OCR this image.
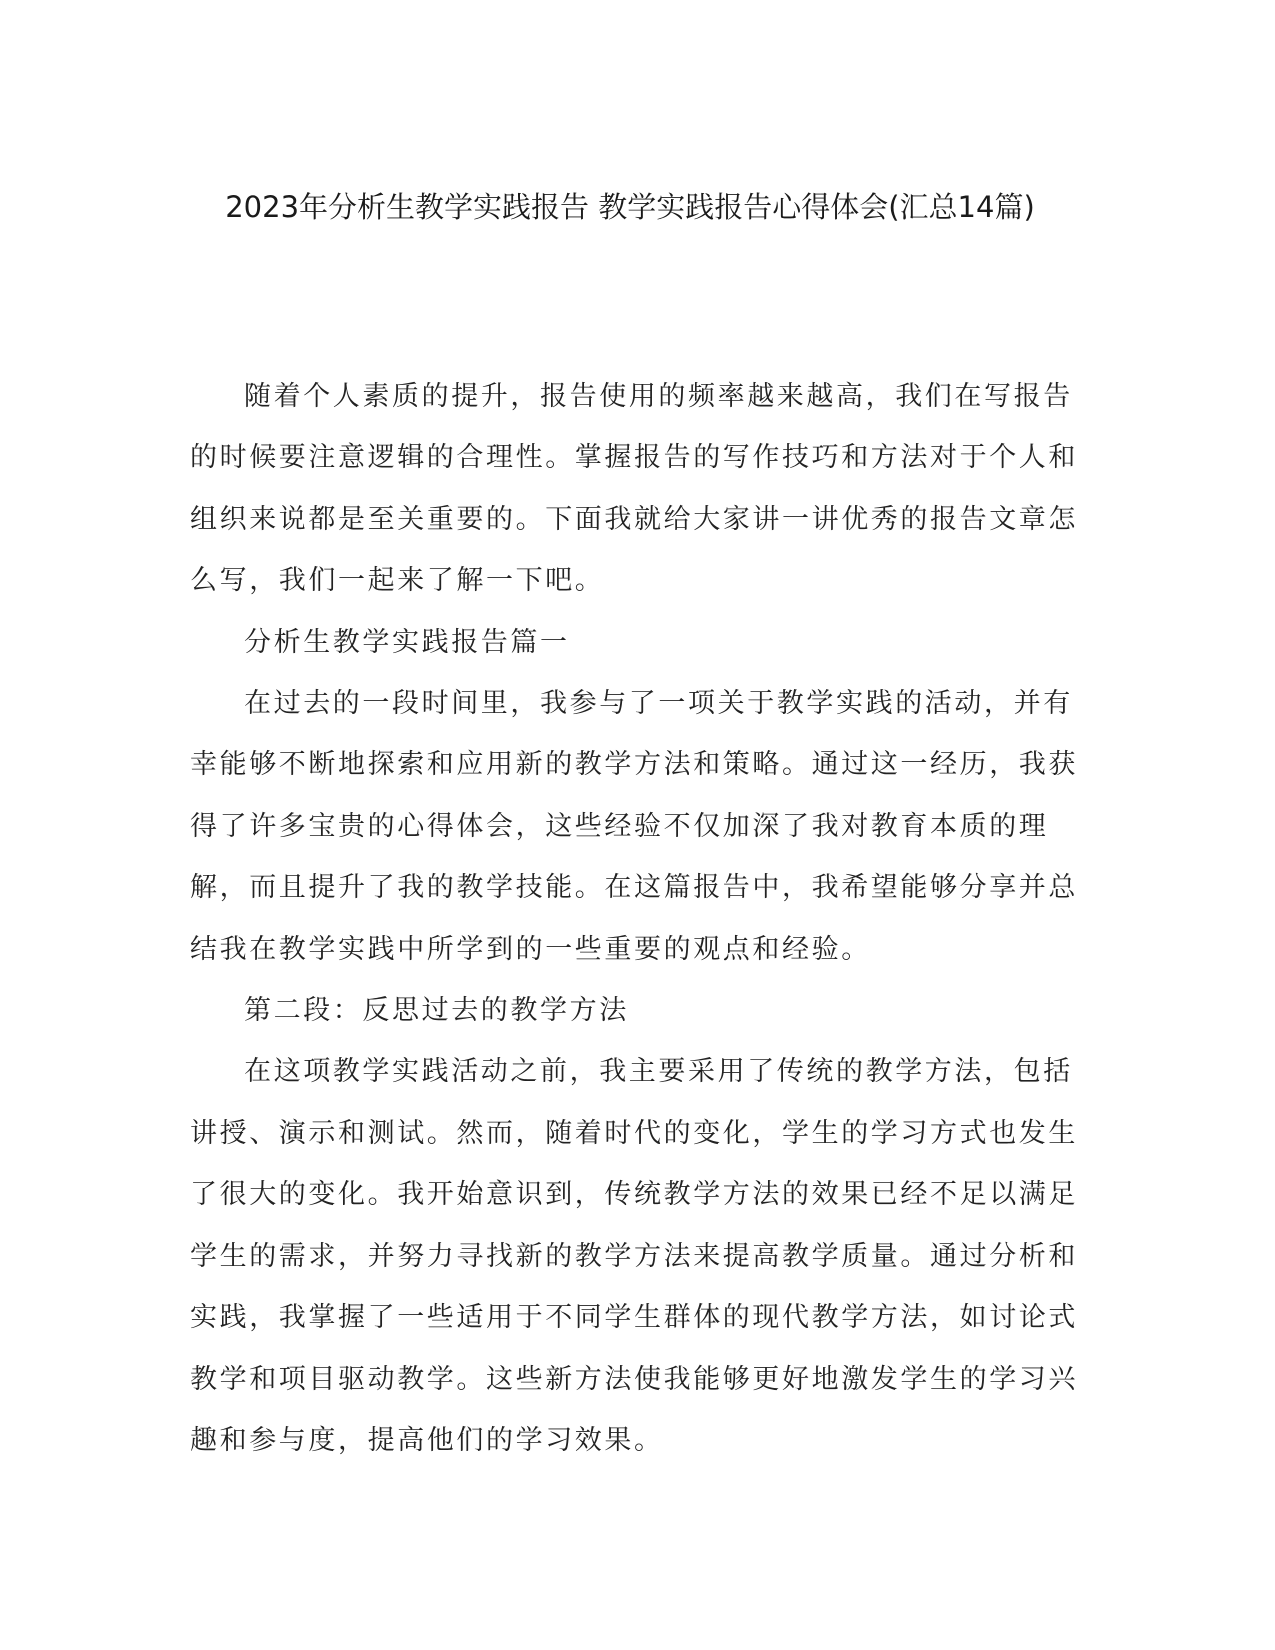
2023年分析生教学实践报告 教学实践报告心得体会(汇总14篇)

随着个人素质的提升，报告使用的频率越来越高，我们在写报告的时候要注意逻辑的合理性。掌握报告的写作技巧和方法对于个人和组织来说都是至关重要的。下面我就给大家讲一讲优秀的报告文章怎么写，我们一起来了解一下吧。

分析生教学实践报告篇一

在过去的一段时间里，我参与了一项关于教学实践的活动，并有幸能够不断地探索和应用新的教学方法和策略。通过这一经历，我获得了许多宝贵的心得体会，这些经验不仅加深了我对教育本质的理解，而且提升了我的教学技能。在这篇报告中，我希望能够分享并总结我在教学实践中所学到的一些重要的观点和经验。

第二段：反思过去的教学方法

在这项教学实践活动之前，我主要采用了传统的教学方法，包括讲授、演示和测试。然而，随着时代的变化，学生的学习方式也发生了很大的变化。我开始意识到，传统教学方法的效果已经不足以满足学生的需求，并努力寻找新的教学方法来提高教学质量。通过分析和实践，我掌握了一些适用于不同学生群体的现代教学方法，如讨论式教学和项目驱动教学。这些新方法使我能够更好地激发学生的学习兴趣和参与度，提高他们的学习效果。
